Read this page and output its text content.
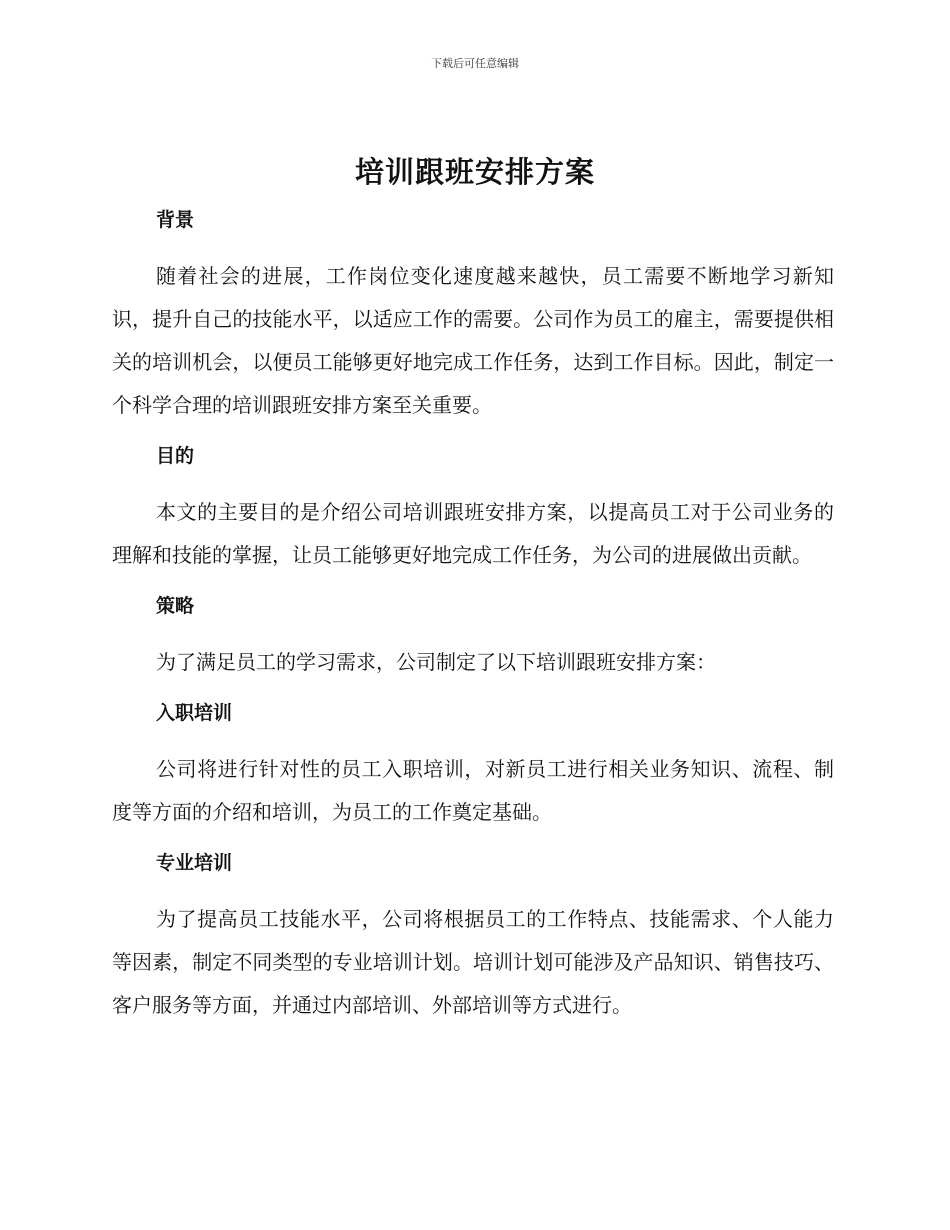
下载后可任意编辑
培训跟班安排方案
背景

随着社会的进展，工作岗位变化速度越来越快，员工需要不断地学习新知识，提升自己的技能水平，以适应工作的需要。公司作为员工的雇主，需要提供相关的培训机会，以便员工能够更好地完成工作任务，达到工作目标。因此，制定一个科学合理的培训跟班安排方案至关重要。

目的

本文的主要目的是介绍公司培训跟班安排方案，以提高员工对于公司业务的理解和技能的掌握，让员工能够更好地完成工作任务，为公司的进展做出贡献。

策略

为了满足员工的学习需求，公司制定了以下培训跟班安排方案：

入职培训

公司将进行针对性的员工入职培训，对新员工进行相关业务知识、流程、制度等方面的介绍和培训，为员工的工作奠定基础。

专业培训

为了提高员工技能水平，公司将根据员工的工作特点、技能需求、个人能力等因素，制定不同类型的专业培训计划。培训计划可能涉及产品知识、销售技巧、客户服务等方面，并通过内部培训、外部培训等方式进行。
